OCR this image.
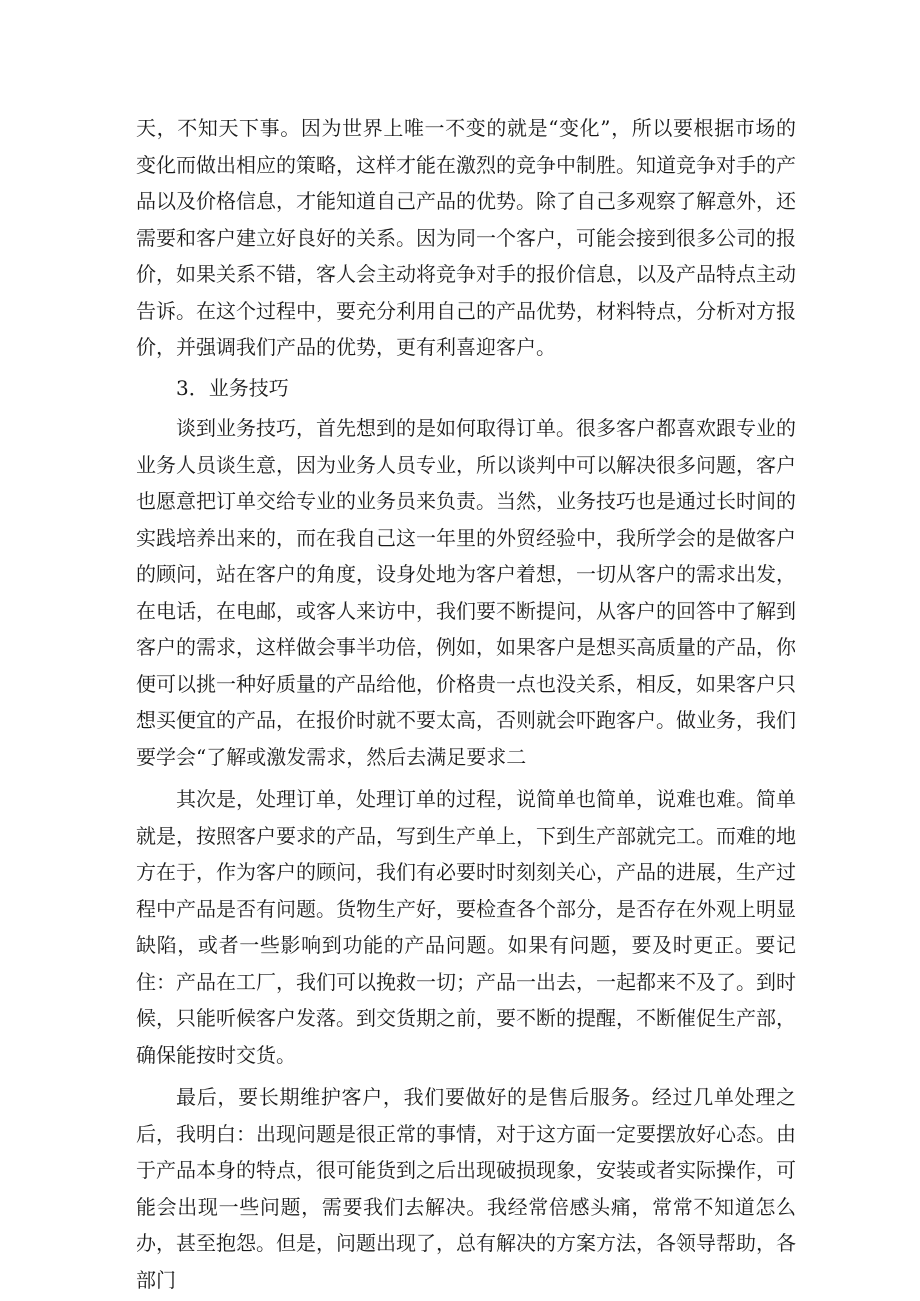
天，不知天下事。因为世界上唯一不变的就是“变化”，所以要根据市场的变化而做出相应的策略，这样才能在激烈的竞争中制胜。知道竞争对手的产品以及价格信息，才能知道自己产品的优势。除了自己多观察了解意外，还需要和客户建立好良好的关系。因为同一个客户，可能会接到很多公司的报价，如果关系不错，客人会主动将竞争对手的报价信息，以及产品特点主动告诉。在这个过程中，要充分利用自己的产品优势，材料特点，分析对方报价，并强调我们产品的优势，更有利喜迎客户。

3．业务技巧

谈到业务技巧，首先想到的是如何取得订单。很多客户都喜欢跟专业的业务人员谈生意，因为业务人员专业，所以谈判中可以解决很多问题，客户也愿意把订单交给专业的业务员来负责。当然，业务技巧也是通过长时间的实践培养出来的，而在我自己这一年里的外贸经验中，我所学会的是做客户的顾问，站在客户的角度，设身处地为客户着想，一切从客户的需求出发，在电话，在电邮，或客人来访中，我们要不断提问，从客户的回答中了解到客户的需求，这样做会事半功倍，例如，如果客户是想买高质量的产品，你便可以挑一种好质量的产品给他，价格贵一点也没关系，相反，如果客户只想买便宜的产品，在报价时就不要太高，否则就会吓跑客户。做业务，我们要学会“了解或激发需求，然后去满足要求二

其次是，处理订单，处理订单的过程，说简单也简单，说难也难。简单就是，按照客户要求的产品，写到生产单上，下到生产部就完工。而难的地方在于，作为客户的顾问，我们有必要时时刻刻关心，产品的进展，生产过程中产品是否有问题。货物生产好，要检查各个部分，是否存在外观上明显缺陷，或者一些影响到功能的产品问题。如果有问题，要及时更正。要记住：产品在工厂，我们可以挽救一切；产品一出去，一起都来不及了。到时候，只能听候客户发落。到交货期之前，要不断的提醒，不断催促生产部，确保能按时交货。

最后，要长期维护客户，我们要做好的是售后服务。经过几单处理之后，我明白：出现问题是很正常的事情，对于这方面一定要摆放好心态。由于产品本身的特点，很可能货到之后出现破损现象，安装或者实际操作，可能会出现一些问题，需要我们去解决。我经常倍感头痛，常常不知道怎么办，甚至抱怨。但是，问题出现了，总有解决的方案方法，各领导帮助，各部门
